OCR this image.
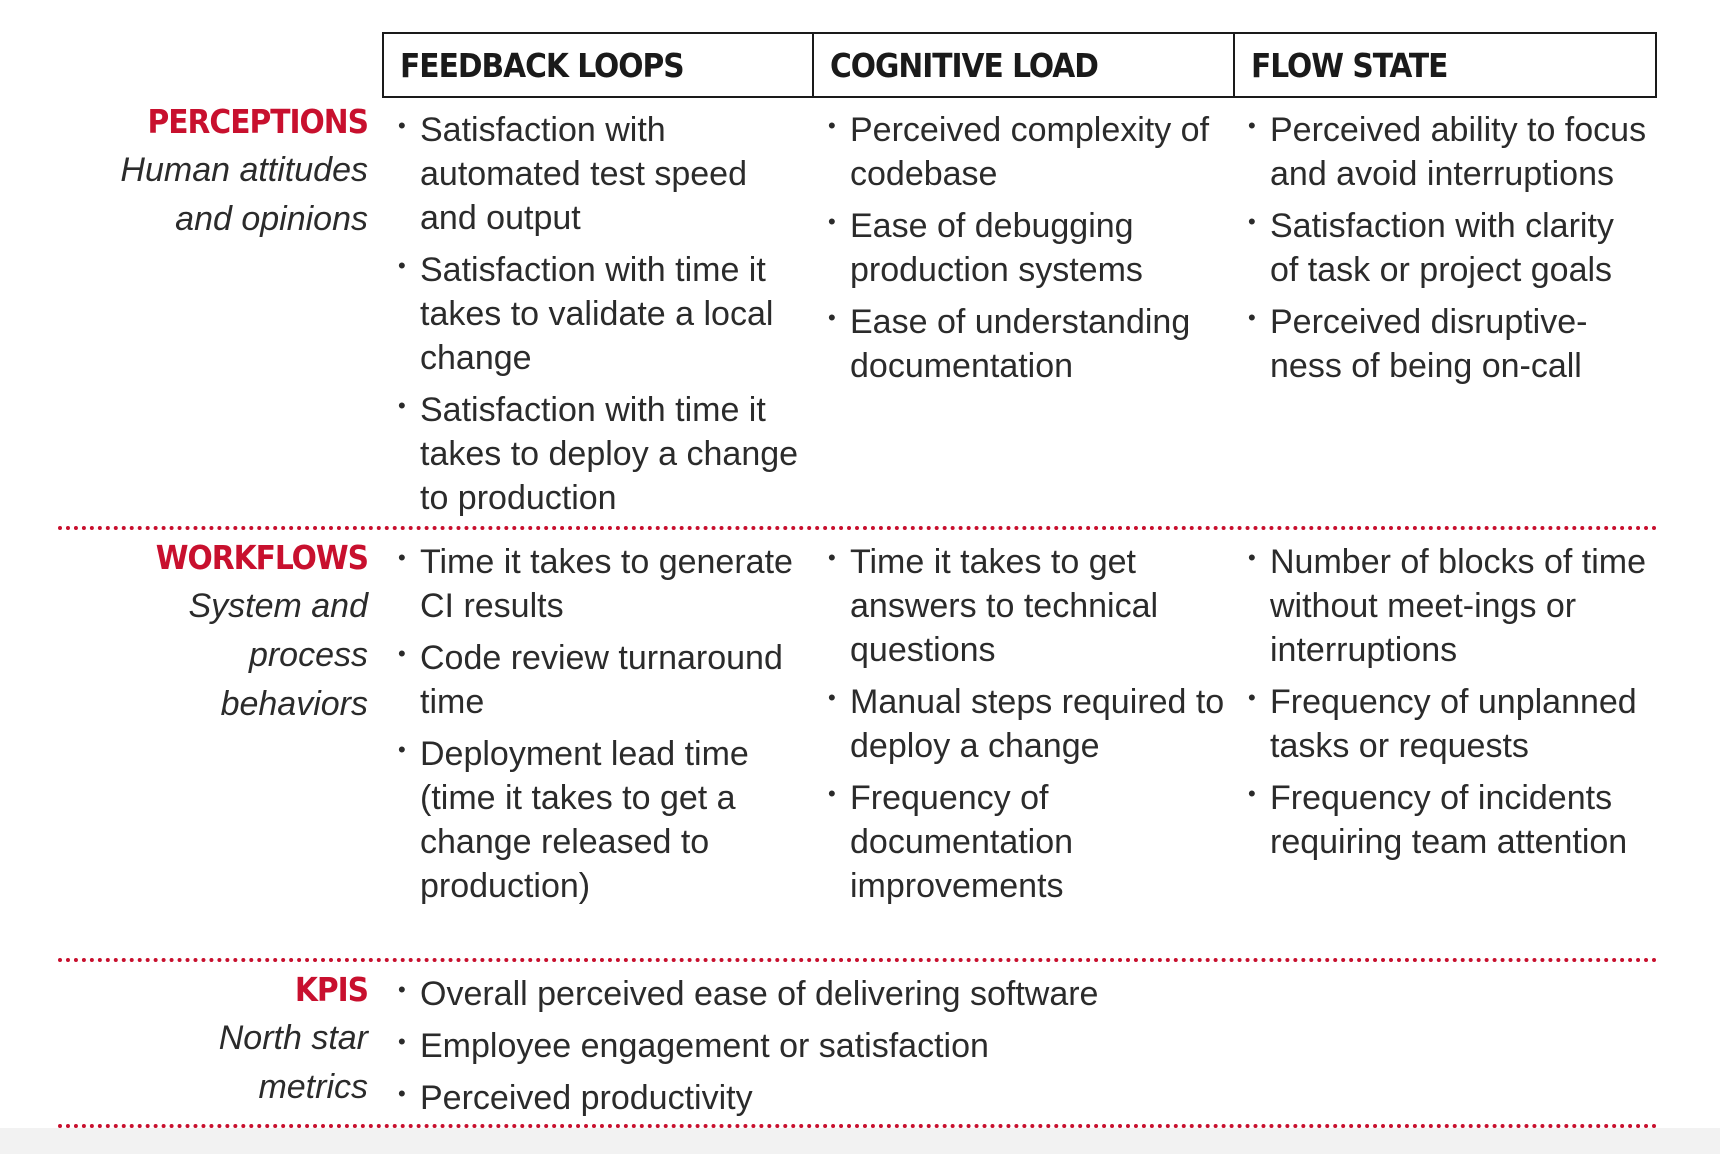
FEEDBACK LOOPS	COGNITIVE LOAD	FLOW STATE
PERCEPTIONS
Human attitudes
and opinions
• Satisfaction with automated test speed and output
• Satisfaction with time it takes to validate a local change
• Satisfaction with time it takes to deploy a change to production
• Perceived complexity of codebase
• Ease of debugging production systems
• Ease of understanding documentation
• Perceived ability to focus and avoid interruptions
• Satisfaction with clarity of task or project goals
• Perceived disruptive-ness of being on-call
WORKFLOWS
System and
process
behaviors
• Time it takes to generate CI results
• Code review turnaround time
• Deployment lead time (time it takes to get a change released to production)
• Time it takes to get answers to technical questions
• Manual steps required to deploy a change
• Frequency of documentation improvements
• Number of blocks of time without meet-ings or interruptions
• Frequency of unplanned tasks or requests
• Frequency of incidents requiring team attention
KPIS
North star
metrics
• Overall perceived ease of delivering software
• Employee engagement or satisfaction
• Perceived productivity
